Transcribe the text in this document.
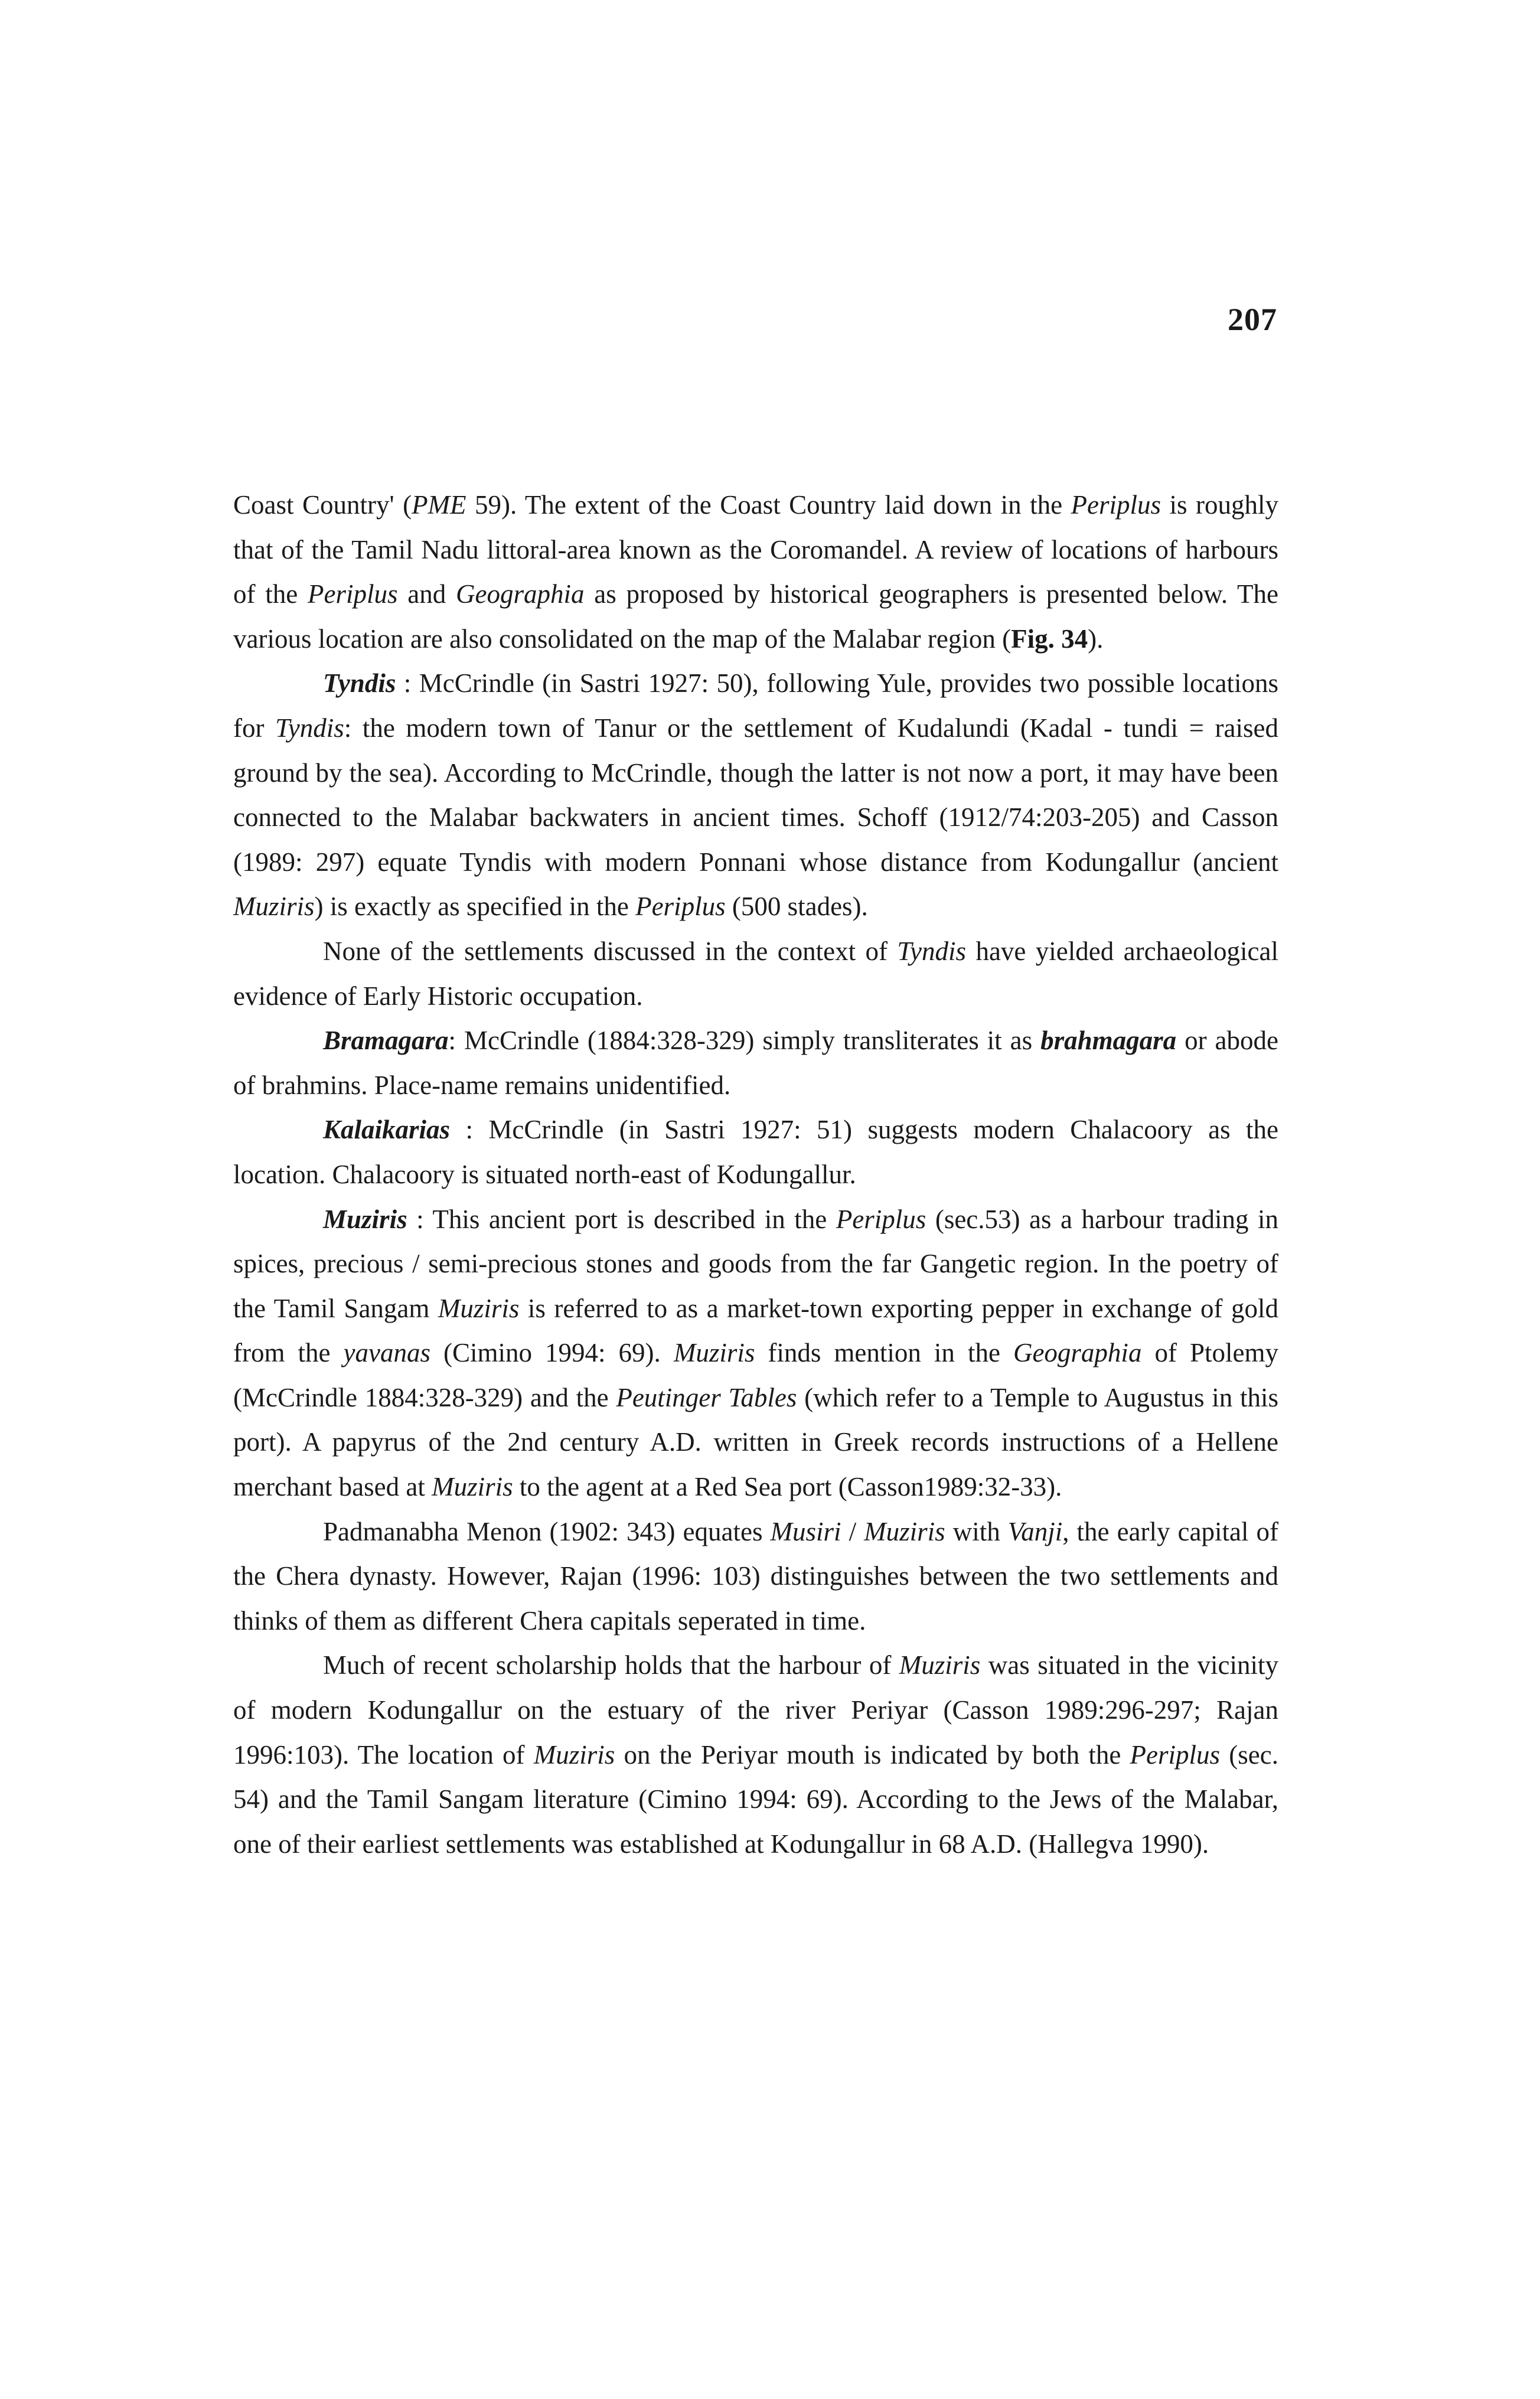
207

Coast Country' (PME 59). The extent of the Coast Country laid down in the Periplus is roughly that of the Tamil Nadu littoral-area known as the Coromandel. A review of locations of harbours of the Periplus and Geographia as proposed by historical geographers is presented below. The various location are also consolidated on the map of the Malabar region (Fig. 34).

Tyndis : McCrindle (in Sastri 1927: 50), following Yule, provides two possible locations for Tyndis: the modern town of Tanur or the settlement of Kudalundi (Kadal - tundi = raised ground by the sea). According to McCrindle, though the latter is not now a port, it may have been connected to the Malabar backwaters in ancient times. Schoff (1912/74:203-205) and Casson (1989: 297) equate Tyndis with modern Ponnani whose distance from Kodungallur (ancient Muziris) is exactly as specified in the Periplus (500 stades).

None of the settlements discussed in the context of Tyndis have yielded archaeological evidence of Early Historic occupation.

Bramagara: McCrindle (1884:328-329) simply transliterates it as brahmagara or abode of brahmins. Place-name remains unidentified.

Kalaikarias : McCrindle (in Sastri 1927: 51) suggests modern Chalacoory as the location. Chalacoory is situated north-east of Kodungallur.

Muziris : This ancient port is described in the Periplus (sec.53) as a harbour trading in spices, precious / semi-precious stones and goods from the far Gangetic region. In the poetry of the Tamil Sangam Muziris is referred to as a market-town exporting pepper in exchange of gold from the yavanas (Cimino 1994: 69). Muziris finds mention in the Geographia of Ptolemy (McCrindle 1884:328-329) and the Peutinger Tables (which refer to a Temple to Augustus in this port). A papyrus of the 2nd century A.D. written in Greek records instructions of a Hellene merchant based at Muziris to the agent at a Red Sea port (Casson1989:32-33).

Padmanabha Menon (1902: 343) equates Musiri / Muziris with Vanji, the early capital of the Chera dynasty. However, Rajan (1996: 103) distinguishes between the two settlements and thinks of them as different Chera capitals seperated in time.

Much of recent scholarship holds that the harbour of Muziris was situated in the vicinity of modern Kodungallur on the estuary of the river Periyar (Casson 1989:296-297; Rajan 1996:103). The location of Muziris on the Periyar mouth is indicated by both the Periplus (sec. 54) and the Tamil Sangam literature (Cimino 1994: 69). According to the Jews of the Malabar, one of their earliest settlements was established at Kodungallur in 68 A.D. (Hallegva 1990).
